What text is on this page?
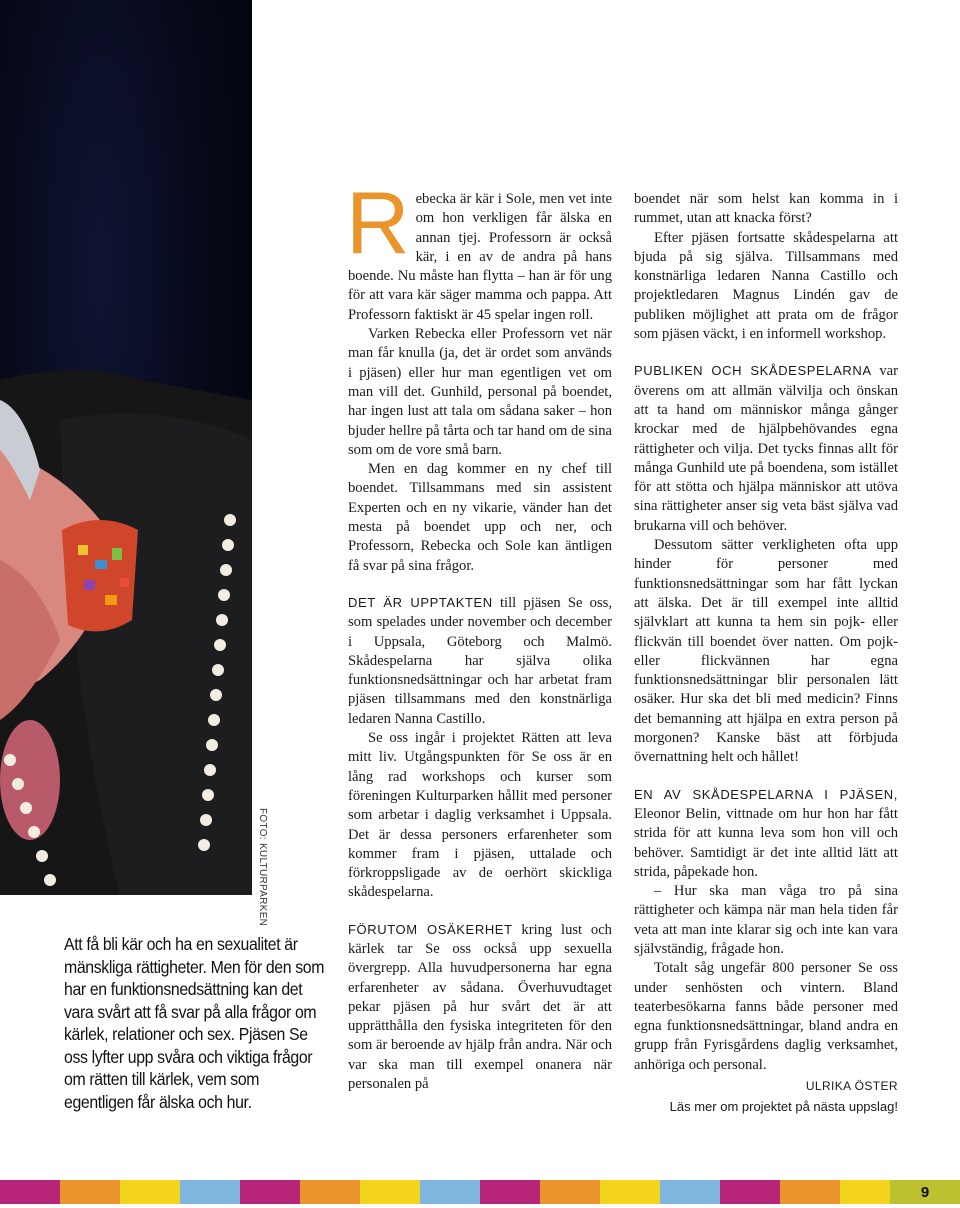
FOTO: KULTURPARKEN
Att få bli kär och ha en sexualitet är mänskliga rättigheter. Men för den som har en funktionsnedsättning kan det vara svårt att få svar på alla frågor om kärlek, relationer och sex. Pjäsen Se oss lyfter upp svåra och viktiga frågor om rätten till kärlek, vem som egentligen får älska och hur.
R ebecka är kär i Sole, men vet inte om hon verkligen får älska en annan tjej. Professorn är också kär, i en av de andra på hans boende. Nu måste han flytta – han är för ung för att vara kär säger mamma och pappa. Att Professorn faktiskt är 45 spelar ingen roll.

Varken Rebecka eller Professorn vet när man får knulla (ja, det är ordet som används i pjäsen) eller hur man egentligen vet om man vill det. Gunhild, personal på boendet, har ingen lust att tala om sådana saker – hon bjuder hellre på tårta och tar hand om de sina som om de vore små barn.

Men en dag kommer en ny chef till boendet. Tillsammans med sin assistent Experten och en ny vikarie, vänder han det mesta på boendet upp och ner, och Professorn, Rebecka och Sole kan äntligen få svar på sina frågor.

DET ÄR UPPTAKTEN till pjäsen Se oss, som spelades under november och december i Uppsala, Göteborg och Malmö. Skådespelarna har själva olika funktionsnedsättningar och har arbetat fram pjäsen tillsammans med den konstnärliga ledaren Nanna Castillo.

Se oss ingår i projektet Rätten att leva mitt liv. Utgångspunkten för Se oss är en lång rad workshops och kurser som föreningen Kulturparken hållit med personer som arbetar i daglig verksamhet i Uppsala. Det är dessa personers erfarenheter som kommer fram i pjäsen, uttalade och förkroppsligade av de oerhört skickliga skådespelarna.

FÖRUTOM OSÄKERHET kring lust och kärlek tar Se oss också upp sexuella övergrepp. Alla huvudpersonerna har egna erfarenheter av sådana. Överhuvudtaget pekar pjäsen på hur svårt det är att upprätthålla den fysiska integriteten för den som är beroende av hjälp från andra. När och var ska man till exempel onanera när personalen på

boendet när som helst kan komma in i rummet, utan att knacka först?

Efter pjäsen fortsatte skådespelarna att bjuda på sig själva. Tillsammans med konstnärliga ledaren Nanna Castillo och projektledaren Magnus Lindén gav de publiken möjlighet att prata om de frågor som pjäsen väckt, i en informell workshop.

PUBLIKEN OCH SKÅDESPELARNA var överens om att allmän välvilja och önskan att ta hand om människor många gånger krockar med de hjälpbehövandes egna rättigheter och vilja. Det tycks finnas allt för många Gunhild ute på boendena, som istället för att stötta och hjälpa människor att utöva sina rättigheter anser sig veta bäst själva vad brukarna vill och behöver.

Dessutom sätter verkligheten ofta upp hinder för personer med funktionsnedsättningar som har fått lyckan att älska. Det är till exempel inte alltid självklart att kunna ta hem sin pojk- eller flickvän till boendet över natten. Om pojk- eller flickvännen har egna funktionsnedsättningar blir personalen lätt osäker. Hur ska det bli med medicin? Finns det bemanning att hjälpa en extra person på morgonen? Kanske bäst att förbjuda övernattning helt och hållet!

EN AV SKÅDESPELARNA I PJÄSEN, Eleonor Belin, vittnade om hur hon har fått strida för att kunna leva som hon vill och behöver. Samtidigt är det inte alltid lätt att strida, påpekade hon.

– Hur ska man våga tro på sina rättigheter och kämpa när man hela tiden får veta att man inte klarar sig och inte kan vara självständig, frågade hon.

Totalt såg ungefär 800 personer Se oss under senhösten och vintern. Bland teaterbesökarna fanns både personer med egna funktionsnedsättningar, bland andra en grupp från Fyrisgårdens daglig verksamhet, anhöriga och personal.

ULRIKA ÖSTER
Läs mer om projektet på nästa uppslag!
9
